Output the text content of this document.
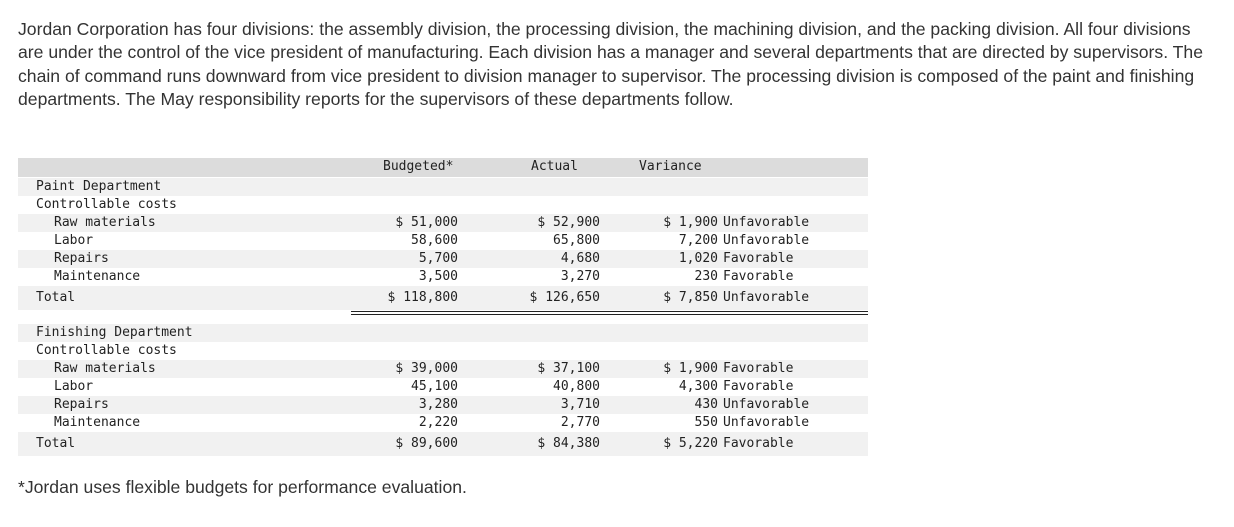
Jordan Corporation has four divisions: the assembly division, the processing division, the machining division, and the packing division. All four divisions are under the control of the vice president of manufacturing. Each division has a manager and several departments that are directed by supervisors. The chain of command runs downward from vice president to division manager to supervisor. The processing division is composed of the paint and finishing departments. The May responsibility reports for the supervisors of these departments follow.

Budgeted*	Actual	Variance
Paint Department
Controllable costs
Raw materials	$ 51,000	$ 52,900	$ 1,900 Unfavorable
Labor	58,600	65,800	7,200 Unfavorable
Repairs	5,700	4,680	1,020 Favorable
Maintenance	3,500	3,270	230 Favorable
Total	$ 118,800	$ 126,650	$ 7,850 Unfavorable
Finishing Department
Controllable costs
Raw materials	$ 39,000	$ 37,100	$ 1,900 Favorable
Labor	45,100	40,800	4,300 Favorable
Repairs	3,280	3,710	430 Unfavorable
Maintenance	2,220	2,770	550 Unfavorable
Total	$ 89,600	$ 84,380	$ 5,220 Favorable

*Jordan uses flexible budgets for performance evaluation.
